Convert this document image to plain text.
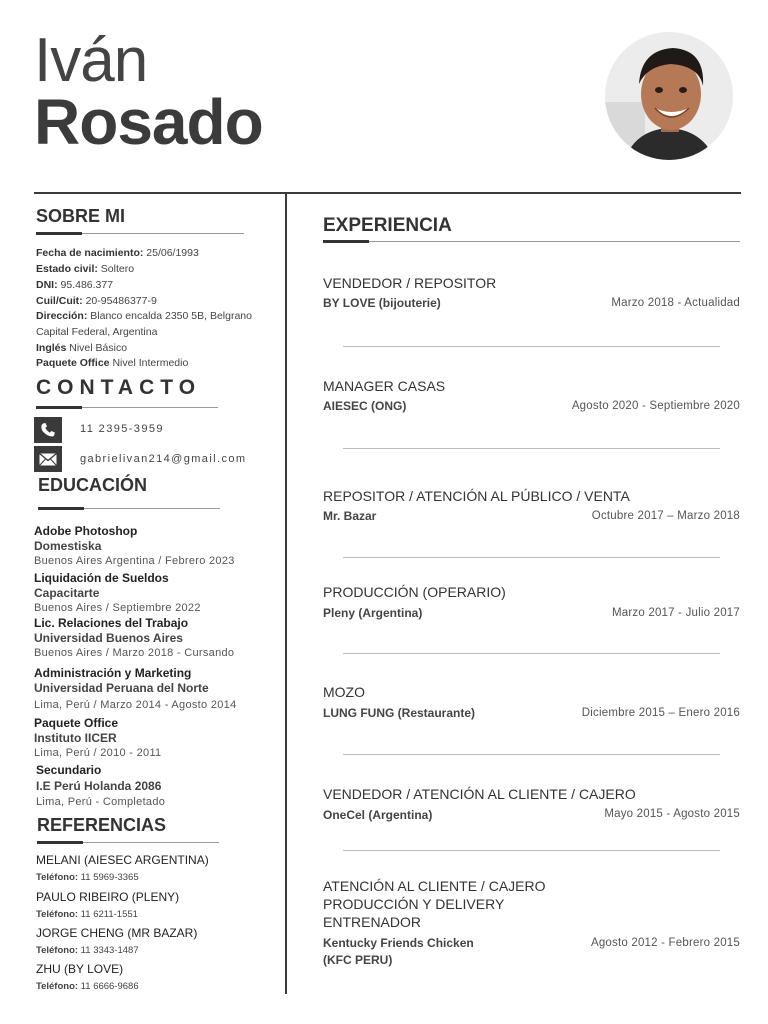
Iván
Rosado
SOBRE MI
Fecha de nacimiento: 25/06/1993
Estado civil: Soltero
DNI: 95.486.377
Cuil/Cuit: 20-95486377-9
Dirección: Blanco encalda 2350 5B, Belgrano
Capital Federal, Argentina
Inglés Nivel Básico
Paquete Office Nivel Intermedio
CONTACTO
11 2395-3959
gabrielivan214@gmail.com
EDUCACIÓN
Adobe Photoshop
Domestiska
Buenos Aires Argentina / Febrero 2023
Liquidación de Sueldos
Capacitarte
Buenos Aires / Septiembre 2022
Lic. Relaciones del Trabajo
Universidad Buenos Aires
Buenos Aires / Marzo 2018 - Cursando
Administración y Marketing
Universidad Peruana del Norte
Lima, Perú / Marzo 2014 - Agosto 2014
Paquete Office
Instituto IICER
Lima, Perú / 2010 - 2011
Secundario
I.E Perú Holanda 2086
Lima, Perú - Completado
REFERENCIAS
MELANI (AIESEC ARGENTINA)
Teléfono: 11 5969-3365
PAULO RIBEIRO (PLENY)
Teléfono: 11 6211-1551
JORGE CHENG (MR BAZAR)
Teléfono: 11 3343-1487
ZHU (BY LOVE)
Teléfono: 11 6666-9686
EXPERIENCIA
VENDEDOR / REPOSITOR
BY LOVE (bijouterie)	Marzo 2018 - Actualidad
MANAGER CASAS
AIESEC (ONG)	Agosto 2020 - Septiembre 2020
REPOSITOR / ATENCIÓN AL PÚBLICO / VENTA
Mr. Bazar	Octubre 2017 – Marzo 2018
PRODUCCIÓN (OPERARIO)
Pleny (Argentina)	Marzo 2017 - Julio 2017
MOZO
LUNG FUNG (Restaurante)	Diciembre 2015 – Enero 2016
VENDEDOR / ATENCIÓN AL CLIENTE / CAJERO
OneCel (Argentina)	Mayo 2015 - Agosto 2015
ATENCIÓN AL CLIENTE / CAJERO
PRODUCCIÓN Y DELIVERY
ENTRENADOR
Kentucky Friends Chicken
(KFC PERU)
Agosto 2012 - Febrero 2015
